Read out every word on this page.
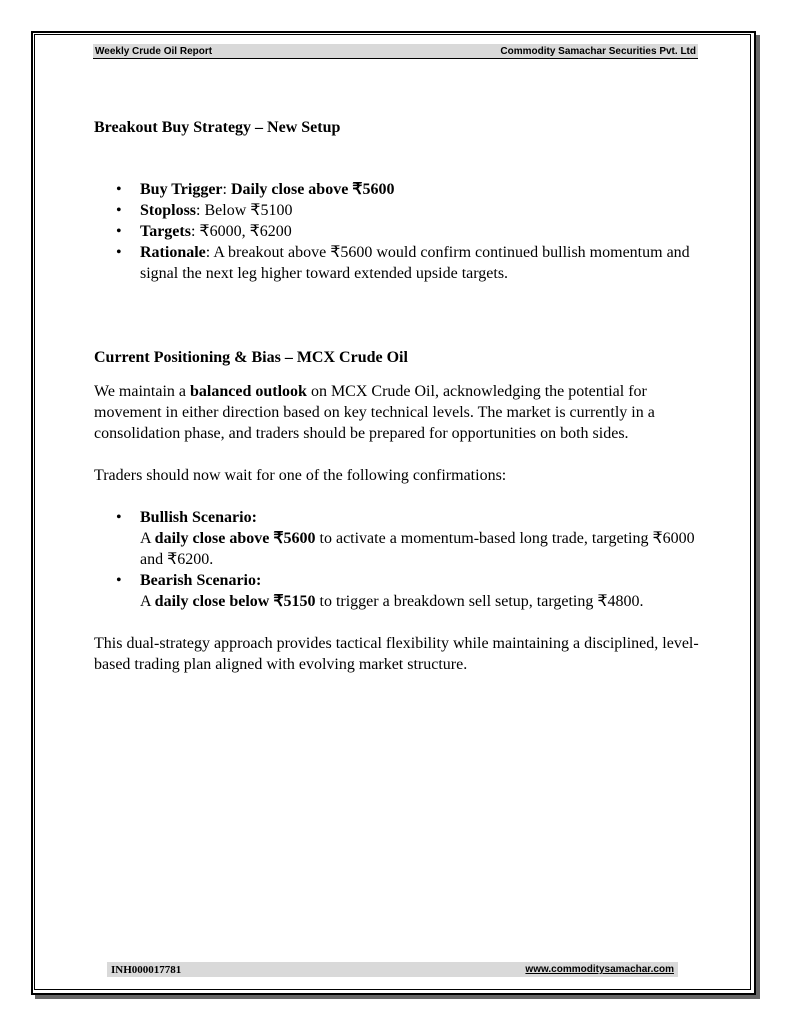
Weekly Crude Oil Report	Commodity Samachar Securities Pvt. Ltd
Breakout Buy Strategy – New Setup
• Buy Trigger: Daily close above ₹5600
• Stoploss: Below ₹5100
• Targets: ₹6000, ₹6200
• Rationale: A breakout above ₹5600 would confirm continued bullish momentum and signal the next leg higher toward extended upside targets.
Current Positioning & Bias – MCX Crude Oil

We maintain a balanced outlook on MCX Crude Oil, acknowledging the potential for movement in either direction based on key technical levels. The market is currently in a consolidation phase, and traders should be prepared for opportunities on both sides.

Traders should now wait for one of the following confirmations:

• Bullish Scenario:
A daily close above ₹5600 to activate a momentum-based long trade, targeting ₹6000 and ₹6200.
• Bearish Scenario:
A daily close below ₹5150 to trigger a breakdown sell setup, targeting ₹4800.

This dual-strategy approach provides tactical flexibility while maintaining a disciplined, level-based trading plan aligned with evolving market structure.

INH000017781	www.commoditysamachar.com
